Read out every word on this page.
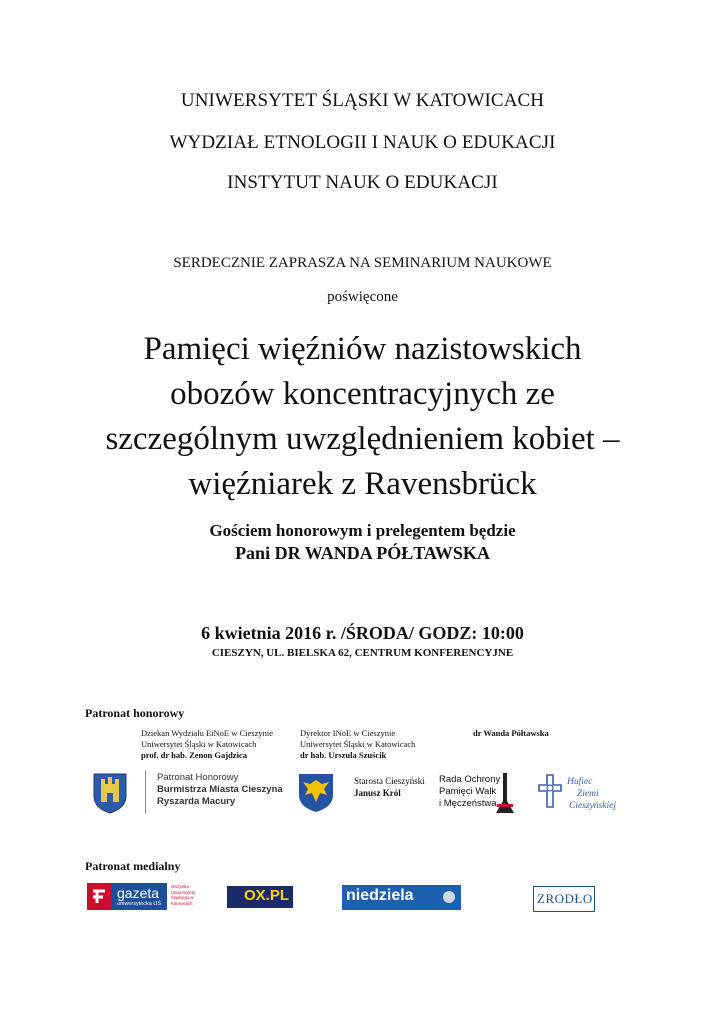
UNIWERSYTET ŚLĄSKI W KATOWICACH
WYDZIAŁ ETNOLOGII I NAUK O EDUKACJI
INSTYTUT NAUK O EDUKACJI
SERDECZNIE ZAPRASZA NA SEMINARIUM NAUKOWE
poświęcone
Pamięci więźniów nazistowskich
obozów koncentracyjnych ze
szczególnym uwzględnieniem kobiet –
więźniarek z Ravensbrück
Gościem honorowym i prelegentem będzie
Pani DR WANDA PÓŁTAWSKA
6 kwietnia 2016 r. /ŚRODA/ GODZ: 10:00
CIESZYN, UL. BIELSKA 62, CENTRUM KONFERENCYJNE
Patronat honorowy
Dziekan Wydziału EiNoE w Cieszynie
Uniwersytet Śląski w Katowicach
prof. dr hab. Zenon Gajdzica
Dyrektor INoE w Cieszynie
Uniwersytet Śląski w Katowicach
dr hab. Urszula Szuścik
dr Wanda Półtawska
Patronat Honorowy
Burmistrza Miasta Cieszyna
Ryszarda Macury
Starosta Cieszyński
Janusz Król
Rada Ochrony
Pamięci Walk
i Męczeństwa
Hufiec
Ziemi
Cieszyńskiej
Patronat medialny
gazeta
uniwersytecka UŚ
Wszystko Uniwersytetu Śląskiego w Katowicach	OX.PL	niedziela	ZRODŁO
